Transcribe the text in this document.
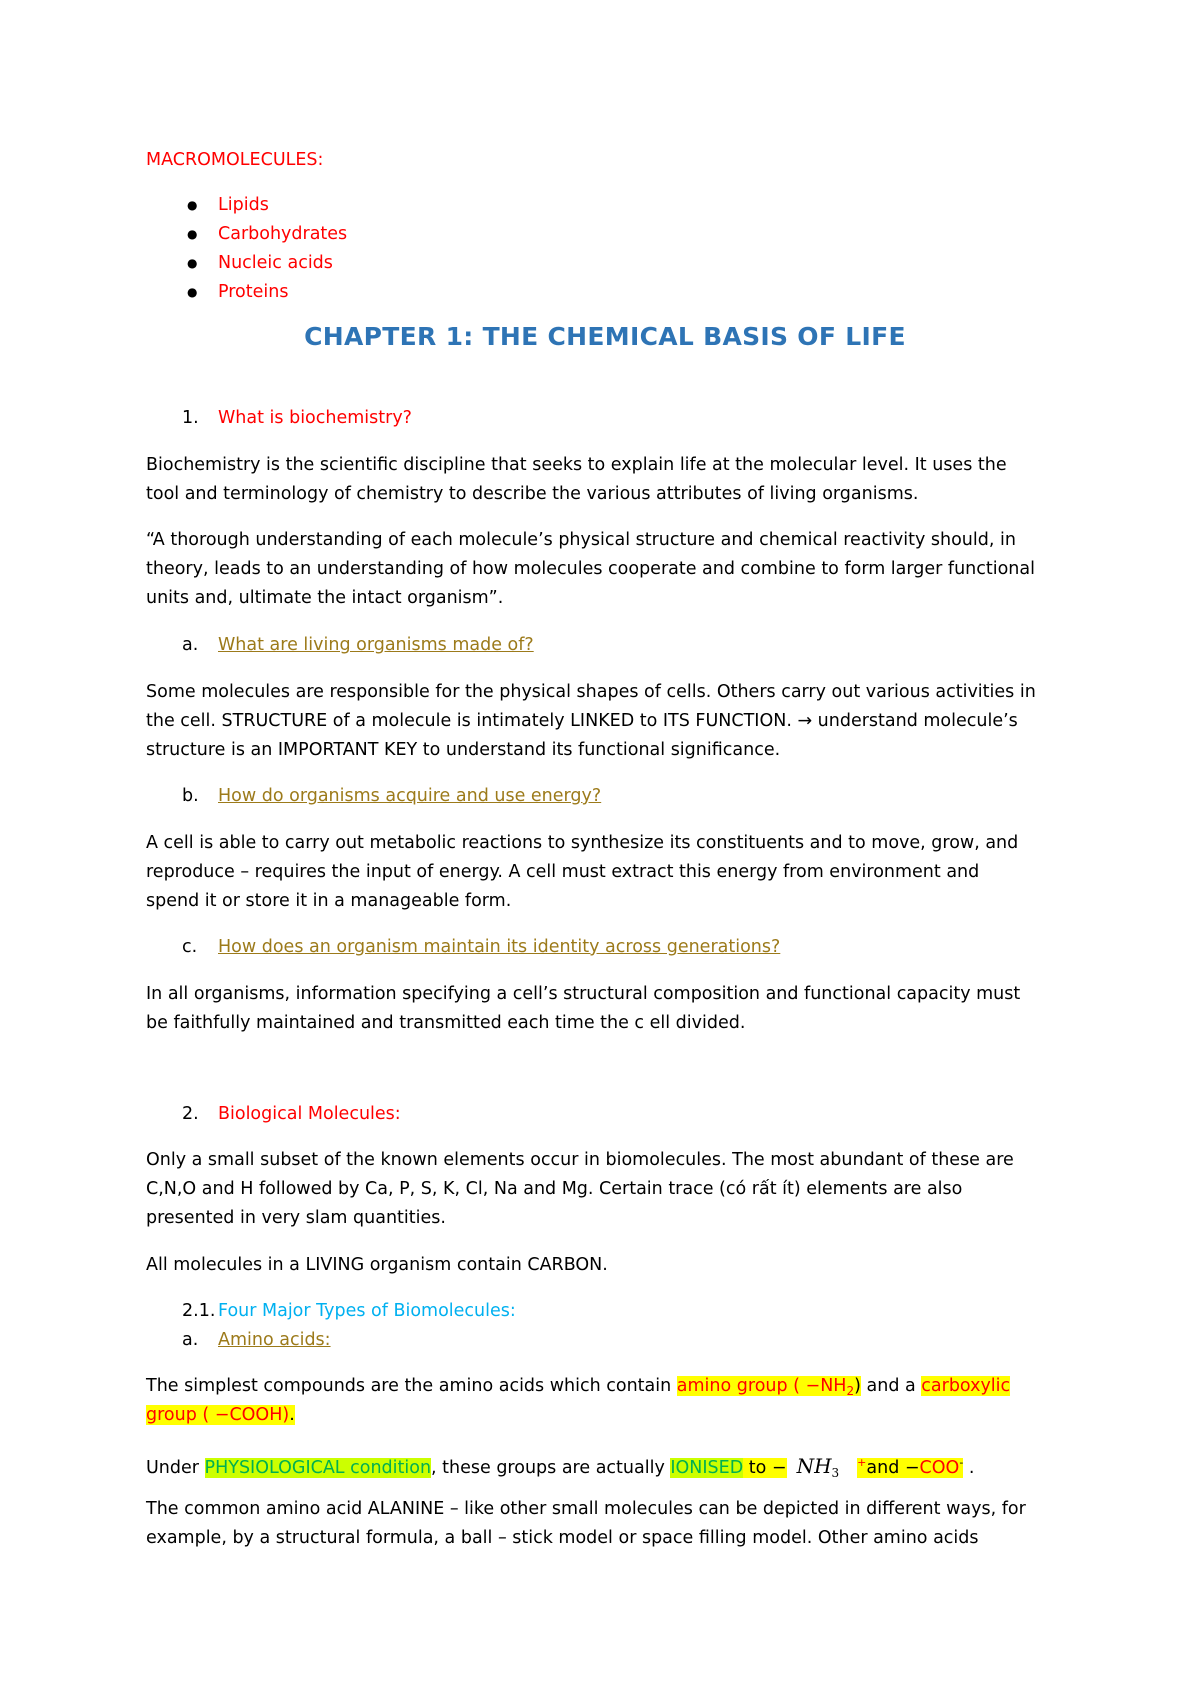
MACROMOLECULES:
● Lipids
● Carbohydrates
● Nucleic acids
● Proteins
CHAPTER 1: THE CHEMICAL BASIS OF LIFE
1. What is biochemistry?
Biochemistry is the scientific discipline that seeks to explain life at the molecular level. It uses the
tool and terminology of chemistry to describe the various attributes of living organisms.
“A thorough understanding of each molecule’s physical structure and chemical reactivity should, in
theory, leads to an understanding of how molecules cooperate and combine to form larger functional
units and, ultimate the intact organism”.
a. What are living organisms made of?
Some molecules are responsible for the physical shapes of cells. Others carry out various activities in
the cell. STRUCTURE of a molecule is intimately LINKED to ITS FUNCTION. → understand molecule’s
structure is an IMPORTANT KEY to understand its functional significance.
b. How do organisms acquire and use energy?
A cell is able to carry out metabolic reactions to synthesize its constituents and to move, grow, and
reproduce – requires the input of energy. A cell must extract this energy from environment and
spend it or store it in a manageable form.
c. How does an organism maintain its identity across generations?
In all organisms, information specifying a cell’s structural composition and functional capacity must
be faithfully maintained and transmitted each time the c ell divided.
2. Biological Molecules:
Only a small subset of the known elements occur in biomolecules. The most abundant of these are
C,N,O and H followed by Ca, P, S, K, Cl, Na and Mg. Certain trace (có rất ít) elements are also
presented in very slam quantities.
All molecules in a LIVING organism contain CARBON.
2.1. Four Major Types of Biomolecules:
a. Amino acids:
The simplest compounds are the amino acids which contain amino group ( $-NH_2$) and a carboxylic
group ( −COOH).
Under PHYSIOLOGICAL condition, these groups are actually IONISED to − $NH_3^+and -COO^-$ .
The common amino acid ALANINE – like other small molecules can be depicted in different ways, for
example, by a structural formula, a ball – stick model or space filling model. Other amino acids
